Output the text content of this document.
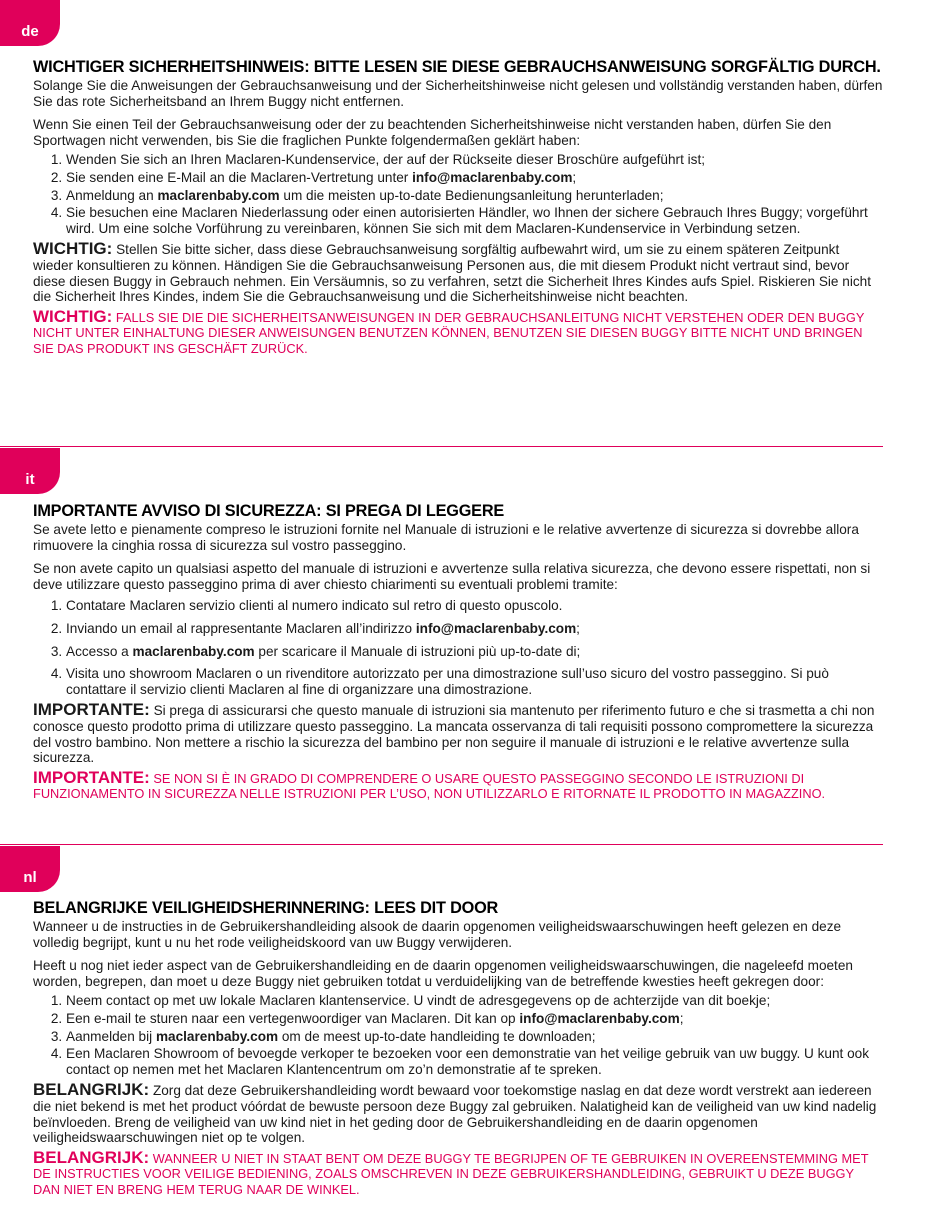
de
WICHTIGER SICHERHEITSHINWEIS: BITTE LESEN SIE DIESE GEBRAUCHSANWEISUNG SORGFÄLTIG DURCH.

Solange Sie die Anweisungen der Gebrauchsanweisung und der Sicherheitshinweise nicht gelesen und vollständig verstanden haben, dürfen Sie das rote Sicherheitsband an Ihrem Buggy nicht entfernen.

Wenn Sie einen Teil der Gebrauchsanweisung oder der zu beachtenden Sicherheitshinweise nicht verstanden haben, dürfen Sie den Sportwagen nicht verwenden, bis Sie die fraglichen Punkte folgendermaßen geklärt haben:

1. Wenden Sie sich an Ihren Maclaren-Kundenservice, der auf der Rückseite dieser Broschüre aufgeführt ist;
2. Sie senden eine E-Mail an die Maclaren-Vertretung unter info@maclarenbaby.com;
3. Anmeldung an maclarenbaby.com um die meisten up-to-date Bedienungsanleitung herunterladen;
4. Sie besuchen eine Maclaren Niederlassung oder einen autorisierten Händler, wo Ihnen der sichere Gebrauch Ihres Buggy; vorgeführt wird. Um eine solche Vorführung zu vereinbaren, können Sie sich mit dem Maclaren-Kundenservice in Verbindung setzen.

WICHTIG: Stellen Sie bitte sicher, dass diese Gebrauchsanweisung sorgfältig aufbewahrt wird, um sie zu einem späteren Zeitpunkt wieder konsultieren zu können. Händigen Sie die Gebrauchsanweisung Personen aus, die mit diesem Produkt nicht vertraut sind, bevor diese diesen Buggy in Gebrauch nehmen. Ein Versäumnis, so zu verfahren, setzt die Sicherheit Ihres Kindes aufs Spiel. Riskieren Sie nicht die Sicherheit Ihres Kindes, indem Sie die Gebrauchsanweisung und die Sicherheitshinweise nicht beachten.

WICHTIG: FALLS SIE DIE DIE SICHERHEITSANWEISUNGEN IN DER GEBRAUCHSANLEITUNG NICHT VERSTEHEN ODER DEN BUGGY NICHT UNTER EINHALTUNG DIESER ANWEISUNGEN BENUTZEN KÖNNEN, BENUTZEN SIE DIESEN BUGGY BITTE NICHT UND BRINGEN SIE DAS PRODUKT INS GESCHÄFT ZURÜCK.

it
IMPORTANTE AVVISO DI SICUREZZA: SI PREGA DI LEGGERE

Se avete letto e pienamente compreso le istruzioni fornite nel Manuale di istruzioni e le relative avvertenze di sicurezza si dovrebbe allora rimuovere la cinghia rossa di sicurezza sul vostro passeggino.

Se non avete capito un qualsiasi aspetto del manuale di istruzioni e avvertenze sulla relativa sicurezza, che devono essere rispettati, non si deve utilizzare questo passeggino prima di aver chiesto chiarimenti su eventuali problemi tramite:

1. Contatare Maclaren servizio clienti al numero indicato sul retro di questo opuscolo.
2. Inviando un email al rappresentante Maclaren all’indirizzo info@maclarenbaby.com;
3. Accesso a maclarenbaby.com per scaricare il Manuale di istruzioni più up-to-date di;
4. Visita uno showroom Maclaren o un rivenditore autorizzato per una dimostrazione sull’uso sicuro del vostro passeggino. Si può contattare il servizio clienti Maclaren al fine di organizzare una dimostrazione.

IMPORTANTE: Si prega di assicurarsi che questo manuale di istruzioni sia mantenuto per riferimento futuro e che si trasmetta a chi non conosce questo prodotto prima di utilizzare questo passeggino. La mancata osservanza di tali requisiti possono compromettere la sicurezza del vostro bambino. Non mettere a rischio la sicurezza del bambino per non seguire il manuale di istruzioni e le relative avvertenze sulla sicurezza.

IMPORTANTE: SE NON SI È IN GRADO DI COMPRENDERE O USARE QUESTO PASSEGGINO SECONDO LE ISTRUZIONI DI FUNZIONAMENTO IN SICUREZZA NELLE ISTRUZIONI PER L’USO, NON UTILIZZARLO E RITORNATE IL PRODOTTO IN MAGAZZINO.

nl
BELANGRIJKE VEILIGHEIDSHERINNERING: LEES DIT DOOR

Wanneer u de instructies in de Gebruikershandleiding alsook de daarin opgenomen veiligheidswaarschuwingen heeft gelezen en deze volledig begrijpt, kunt u nu het rode veiligheidskoord van uw Buggy verwijderen.

Heeft u nog niet ieder aspect van de Gebruikershandleiding en de daarin opgenomen veiligheidswaarschuwingen, die nageleefd moeten worden, begrepen, dan moet u deze Buggy niet gebruiken totdat u verduidelijking van de betreffende kwesties heeft gekregen door:

1. Neem contact op met uw lokale Maclaren klantenservice. U vindt de adresgegevens op de achterzijde van dit boekje;
2. Een e-mail te sturen naar een vertegenwoordiger van Maclaren. Dit kan op info@maclarenbaby.com;
3. Aanmelden bij maclarenbaby.com om de meest up-to-date handleiding te downloaden;
4. Een Maclaren Showroom of bevoegde verkoper te bezoeken voor een demonstratie van het veilige gebruik van uw buggy. U kunt ook contact op nemen met het Maclaren Klantencentrum om zo’n demonstratie af te spreken.

BELANGRIJK: Zorg dat deze Gebruikershandleiding wordt bewaard voor toekomstige naslag en dat deze wordt verstrekt aan iedereen die niet bekend is met het product vóórdat de bewuste persoon deze Buggy zal gebruiken. Nalatigheid kan de veiligheid van uw kind nadelig beïnvloeden. Breng de veiligheid van uw kind niet in het geding door de Gebruikershandleiding en de daarin opgenomen veiligheidswaarschuwingen niet op te volgen.

BELANGRIJK: WANNEER U NIET IN STAAT BENT OM DEZE BUGGY TE BEGRIJPEN OF TE GEBRUIKEN IN OVEREENSTEMMING MET DE INSTRUCTIES VOOR VEILIGE BEDIENING, ZOALS OMSCHREVEN IN DEZE GEBRUIKERSHANDLEIDING, GEBRUIKT U DEZE BUGGY DAN NIET EN BRENG HEM TERUG NAAR DE WINKEL.
